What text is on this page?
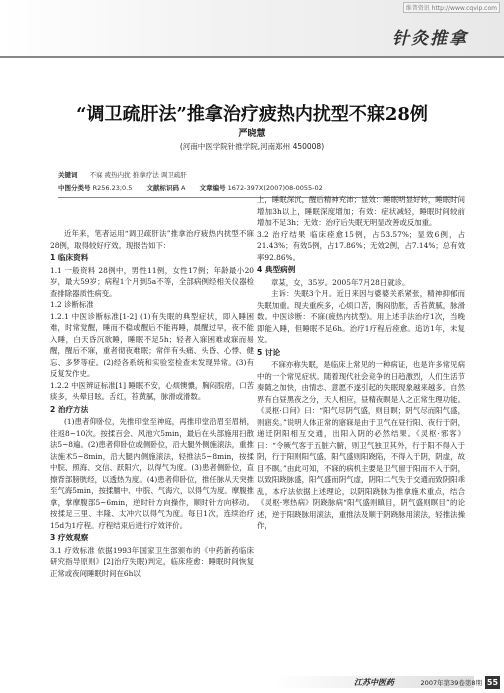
维普资讯 http://www.cqvip.com
针灸推拿
“调卫疏肝法”推拿治疗疲热内扰型不寐28例
严晓慧
(河南中医学院针推学院,河南郑州 450008)
关键词 不寐 疲热内扰 推拿疗法 调卫疏肝
中图分类号 R256.23;0.5 文献标识码 A 文章编号 1672-397X(2007)08-0055-02

近年来，笔者运用“调卫疏肝法”推拿治疗疲热内扰型不寐28例，取得较好疗效。现报告如下：

1 临床资料

1.1 一般资料 28例中，男性11例，女性17例；年龄最小20岁，最大59岁；病程1个月到5a不等，全部病例经相关仪器检查排除器质性病变。

1.2 诊断标准

1.2.1 中医诊断标准[1-2] (1)有失眠的典型症状，即入睡困难，时常觉醒，睡而不稳或醒后不能再睡，晨醒过早，夜不能入睡，白天昏沉欲睡，睡眠不足5h；轻者入寐困难或寐而易醒，醒后不寐，重者彻夜难眠；常伴有头痛、头昏、心悸、健忘、多梦等症。(2)经各系统和实验室检查未发现异常。(3)有反复发作史。

1.2.2 中医辨证标准[1] 睡眠不安，心烦懊憹，胸闷脘痞，口苦痰多，头晕目眩。舌红，苔黄腻，脉滑或滑数。

2 治疗方法

(1)患者仰卧位，先推印堂至神庭，再推印堂沿眉至眉梢，往返8~10次。按揉百会、风池穴5min，最后在头部施用扫散法5~8遍。(2)患者仰卧位或侧卧位，沿大腿外侧施滚法，重推法施术5~8min，沿大腿内侧施滚法，轻推法5~8min，按揉中脘、照海、交信、跃阳穴，以得气为度。(3)患者侧卧位，直擦背部膀胱经，以透热为度。(4)患者仰卧位，推任脉从天突推至气海5min，按揉膻中、中脘、气海穴，以得气为度。摩腹推拿，掌摩腹部5~6min，逆时针方向操作，顺时针方向移动。按揉足三里、丰隆、太冲穴以得气为度。每日1次，连续治疗15d为1疗程。疗程结束后进行疗效评价。

3 疗效观察

3.1 疗效标准 依据1993年国家卫生部颁布的《中药新药临床研究指导原则》[2]治疗失眠)判定，临床痊愈：睡眠时间恢复正常或夜间睡眠时间在6h以

上，睡眠深沉，醒后精神充沛；显效：睡眠明显好转，睡眠时间增加3h以上，睡眠深度增加；有效：症状减轻，睡眠时间较前增加不足3h；无效：治疗后失眠无明显改善或反加重。

3.2 治疗结果 临床痊愈15例，占53.57%；显效6例，占21.43%；有效5例，占17.86%；无效2例，占7.14%；总有效率92.86%。

4 典型病例

章某，女，35岁。2005年7月28日就诊。

主诉：失眠3个月。近日来因与婆婆关系紧张，精神抑郁而失眠加重。现夫重疾多，心烦口苦，胸闷肋胀，舌苔黄腻，脉滑数。中医诊断：不寐(疲热内扰型)。用上述手法治疗1次，当晚即能入睡，但睡眠不足6h。治疗1疗程后痊愈。追访1年，未复发。

5 讨论

不寐亦称失眠，是临床上常见的一种病证，也是许多常见病中的一个常见症状。随着现代社会竞争的日趋激烈，人们生活节奏随之加快，由情志、意愿不遂引起的失眠现象越来越多。自然界有白昼黑夜之分，天人相应，昼精夜瞑是人之正常生理功能。《灵枢·口问》曰：“阳气尽阴气盛，则目瞑；阴气尽而阳气盛，则寤矣。”说明人体正常的寤寐是由于卫气在昼行阳、夜行于阴，递迁阴阳相互交通，出阳入阴的必然结果。《灵枢·邪客》曰：“令厥气客于五脏六腑，则卫气独卫其外，行于阳不得入于阴，行于阳则阳气盛，阳气盛则阳跷陷，不得入于阴，阴虚，故目不瞑。”由此可知，不寐的病机主要是卫气留于阳而不入于阴，以致阳跷脉盛，阳气盛而阴气虚，阴阳二气失于交通而致阴阳乖乱，本疗法依据上述理论，以阴阳跷脉为推拿施术重点，结合《灵枢·寒热病》阴跷脉病“阳气盛则瞋目，阴气盛则瞑目”的论述，逆于阳跷脉用滚法，重推法及顺于阴跷脉用滚法，轻推法操作，

江苏中医药	2007年第39卷第8期 55
